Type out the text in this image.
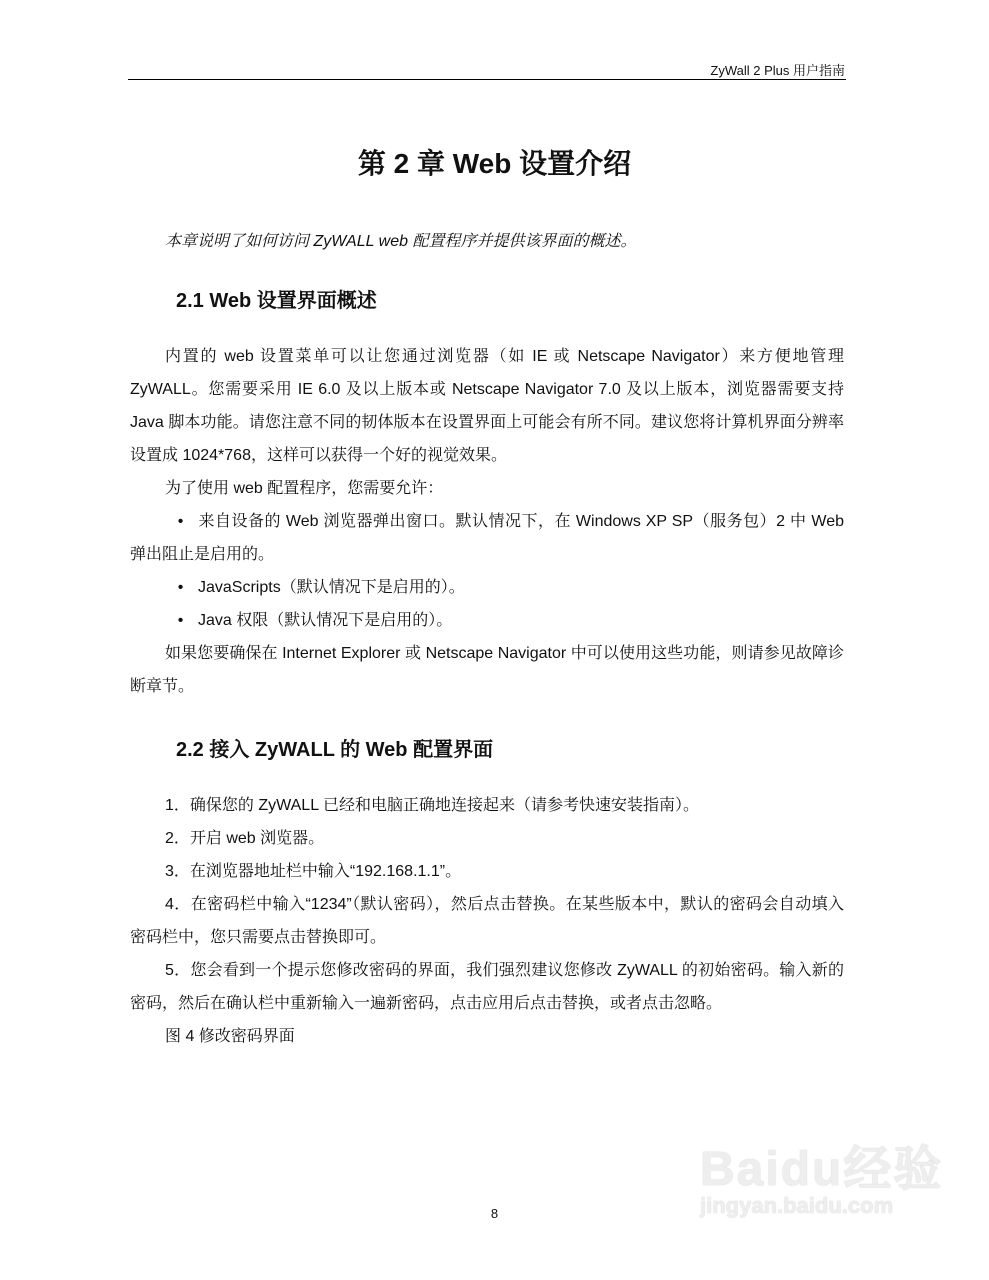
ZyWall 2 Plus 用户指南
第 2 章 Web 设置介绍
本章说明了如何访问 ZyWALL web 配置程序并提供该界面的概述。
2.1 Web 设置界面概述

内置的 web 设置菜单可以让您通过浏览器（如 IE 或 Netscape Navigator）来方便地管理 ZyWALL。您需要采用 IE 6.0 及以上版本或 Netscape Navigator 7.0 及以上版本，浏览器需要支持 Java 脚本功能。请您注意不同的韧体版本在设置界面上可能会有所不同。建议您将计算机界面分辨率设置成 1024*768，这样可以获得一个好的视觉效果。

为了使用 web 配置程序，您需要允许：

• 来自设备的 Web 浏览器弹出窗口。默认情况下，在 Windows XP SP（服务包）2 中 Web 弹出阻止是启用的。

• JavaScripts（默认情况下是启用的）。

• Java 权限（默认情况下是启用的）。

如果您要确保在 Internet Explorer 或 Netscape Navigator 中可以使用这些功能，则请参见故障诊断章节。

2.2 接入 ZyWALL 的 Web 配置界面

1．确保您的 ZyWALL 已经和电脑正确地连接起来（请参考快速安装指南）。

2．开启 web 浏览器。

3．在浏览器地址栏中输入“192.168.1.1”。

4．在密码栏中输入“1234”（默认密码），然后点击替换。在某些版本中，默认的密码会自动填入密码栏中，您只需要点击替换即可。

5．您会看到一个提示您修改密码的界面，我们强烈建议您修改 ZyWALL 的初始密码。输入新的密码，然后在确认栏中重新输入一遍新密码，点击应用后点击替换，或者点击忽略。

图 4 修改密码界面

8
Baidu经验
jingyan.baidu.com
